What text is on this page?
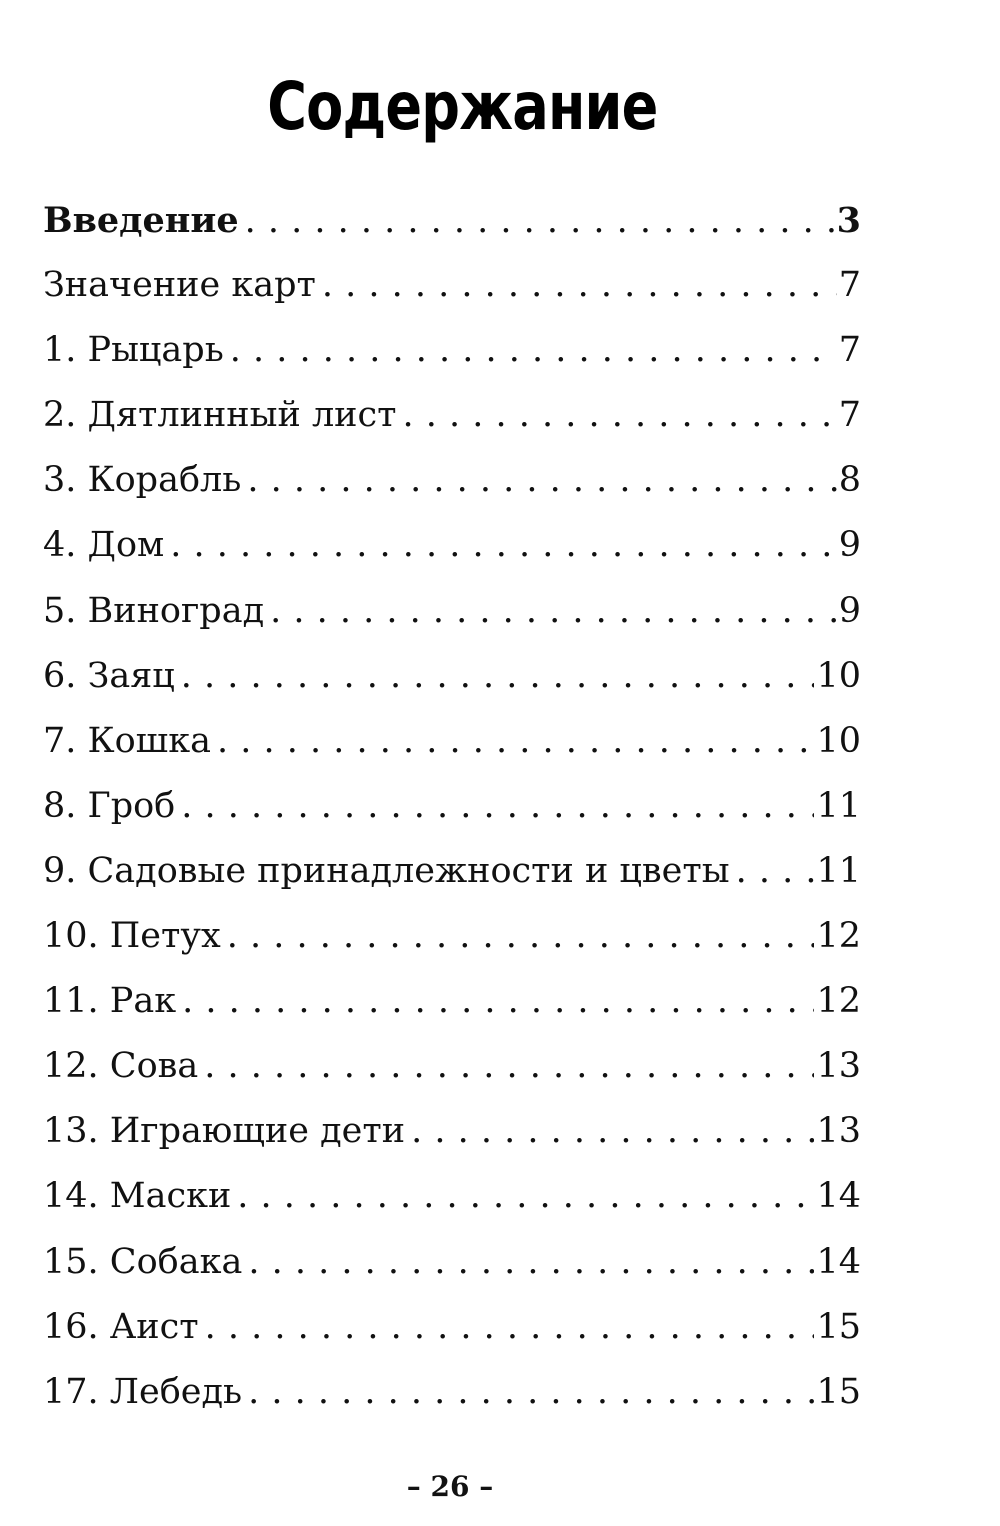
Содержание
Введение . . .	3
Значение карт . . .	7
1. Рыцарь . . .	7
2. Дятлинный лист . . .	7
3. Корабль . . .	8
4. Дом . . .	9
5. Виноград . . .	9
6. Заяц . . .	10
7. Кошка . . .	10
8. Гроб . . .	11
9. Садовые принадлежности и цветы . . . 11
10. Петух . . .	12
11. Рак . . .	12
12. Сова . . .	13
13. Играющие дети . . .	13
14. Маски . . .	14
15. Собака . . .	14
16. Аист . . .	15
17. Лебедь . . .	15
– 26 –
